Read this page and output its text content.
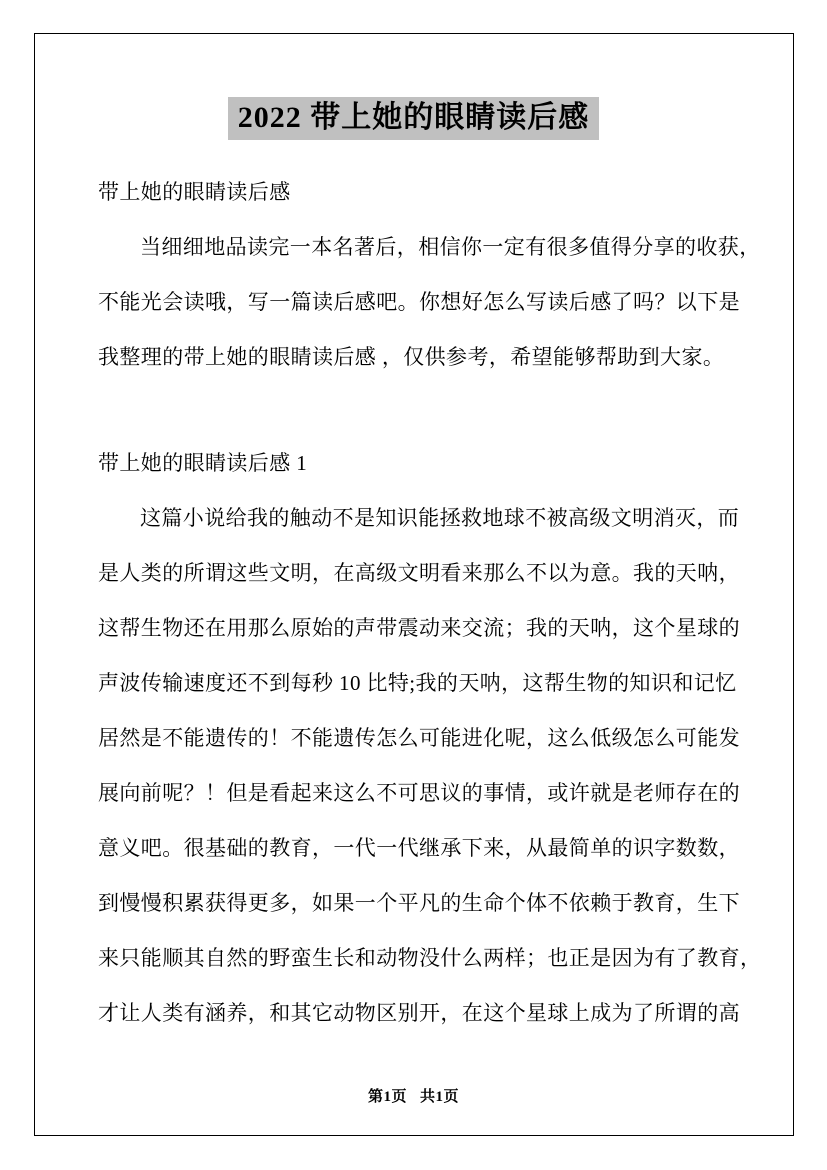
2022 带上她的眼睛读后感
带上她的眼睛读后感
当细细地品读完一本名著后，相信你一定有很多值得分享的收获，
不能光会读哦，写一篇读后感吧。你想好怎么写读后感了吗？以下是
我整理的带上她的眼睛读后感 ，仅供参考，希望能够帮助到大家。
带上她的眼睛读后感 1
这篇小说给我的触动不是知识能拯救地球不被高级文明消灭，而
是人类的所谓这些文明，在高级文明看来那么不以为意。我的天呐，
这帮生物还在用那么原始的声带震动来交流；我的天呐，这个星球的
声波传输速度还不到每秒 10 比特;我的天呐，这帮生物的知识和记忆
居然是不能遗传的！不能遗传怎么可能进化呢，这么低级怎么可能发
展向前呢？！但是看起来这么不可思议的事情，或许就是老师存在的
意义吧。很基础的教育，一代一代继承下来，从最简单的识字数数，
到慢慢积累获得更多，如果一个平凡的生命个体不依赖于教育，生下
来只能顺其自然的野蛮生长和动物没什么两样；也正是因为有了教育，
才让人类有涵养，和其它动物区别开，在这个星球上成为了所谓的高
第1页 共1页
